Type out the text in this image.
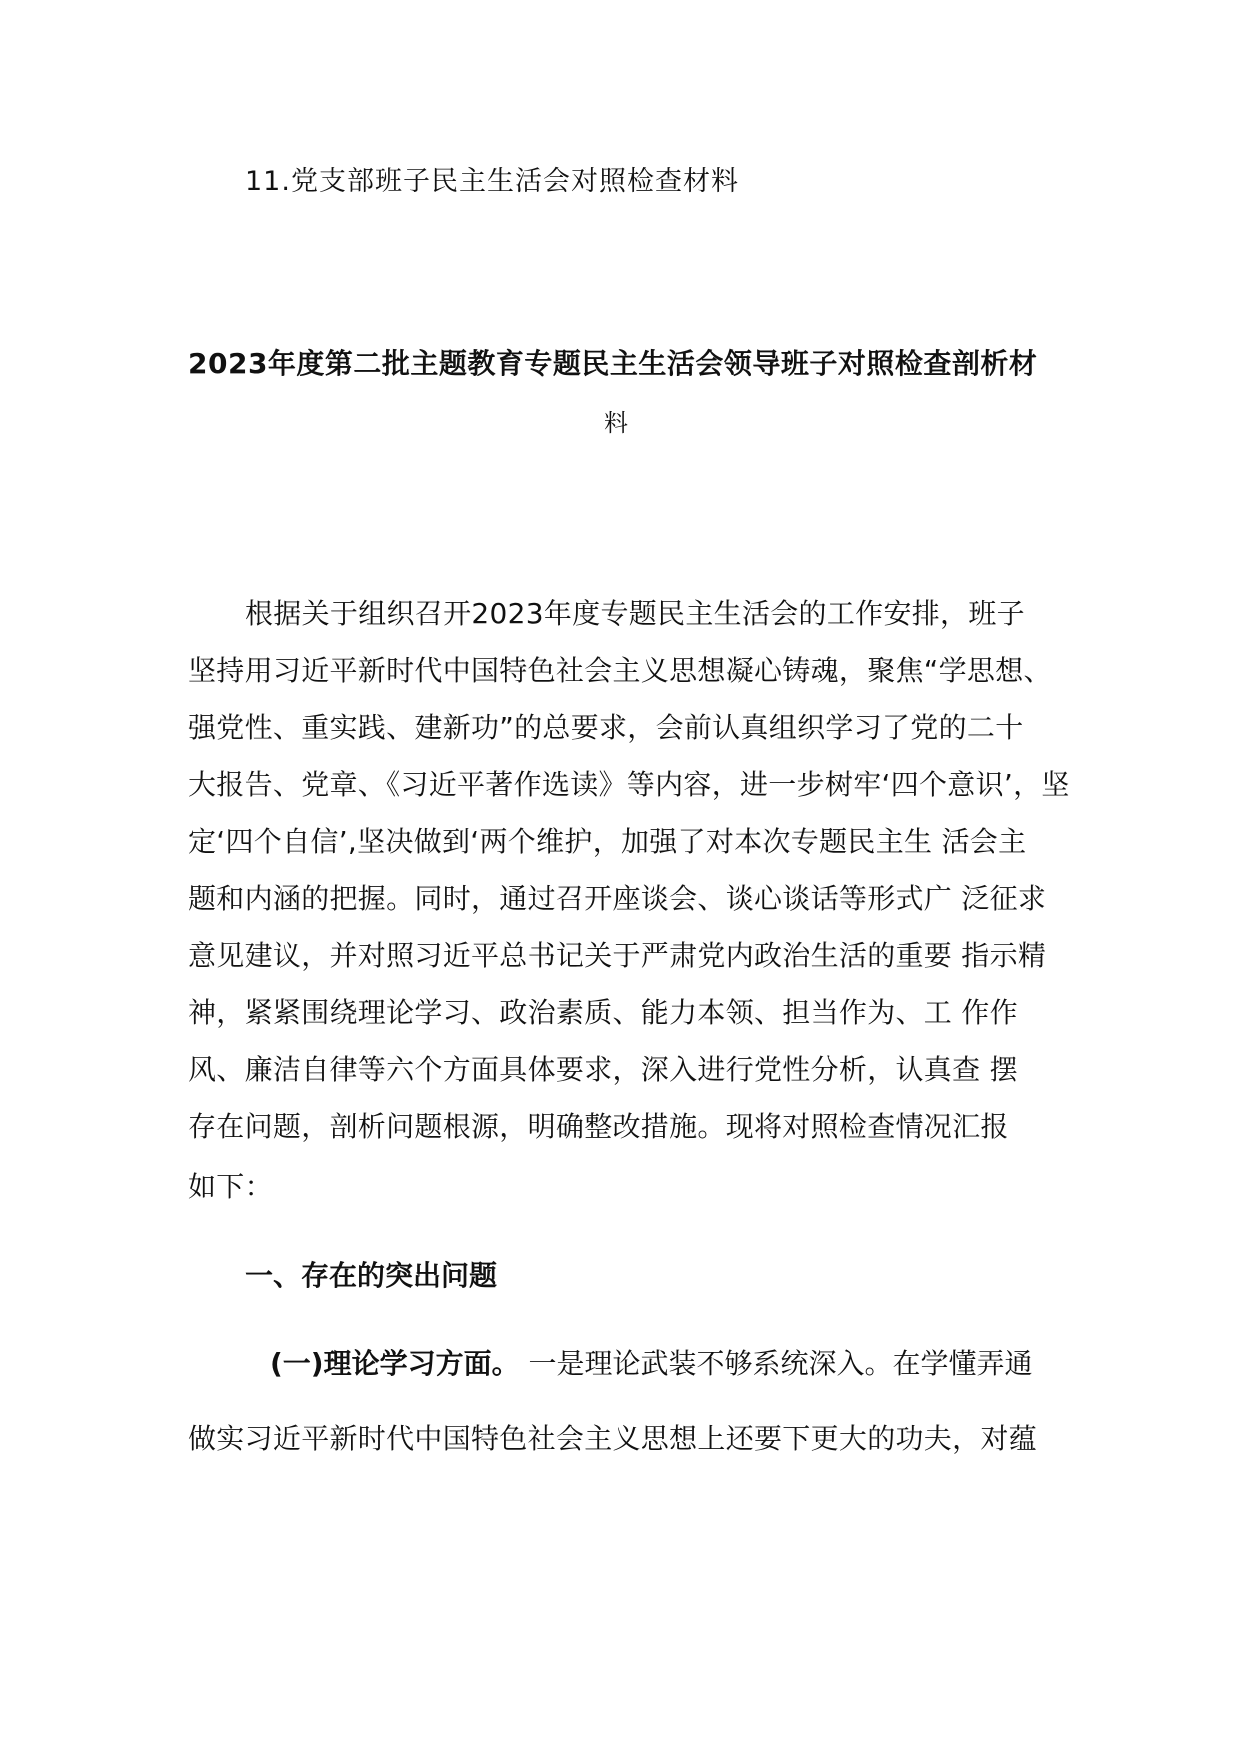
11.党支部班子民主生活会对照检查材料

2023年度第二批主题教育专题民主生活会领导班子对照检查剖析材

料

根据关于组织召开2023年度专题民主生活会的工作安排，班子

坚持用习近平新时代中国特色社会主义思想凝心铸魂，聚焦“学思想、

强党性、重实践、建新功”的总要求，会前认真组织学习了党的二十

大报告、党章、《习近平著作选读》等内容，进一步树牢‘四个意识’，坚

定‘四个自信’,坚决做到‘两个维护，加强了对本次专题民主生 活会主

题和内涵的把握。同时，通过召开座谈会、谈心谈话等形式广 泛征求

意见建议，并对照习近平总书记关于严肃党内政治生活的重要 指示精

神，紧紧围绕理论学习、政治素质、能力本领、担当作为、工 作作

风、廉洁自律等六个方面具体要求，深入进行党性分析，认真查 摆

存在问题，剖析问题根源，明确整改措施。现将对照检查情况汇报

如下：

一、存在的突出问题

(一)理论学习方面。 一是理论武装不够系统深入。在学懂弄通

做实习近平新时代中国特色社会主义思想上还要下更大的功夫，对蕴
